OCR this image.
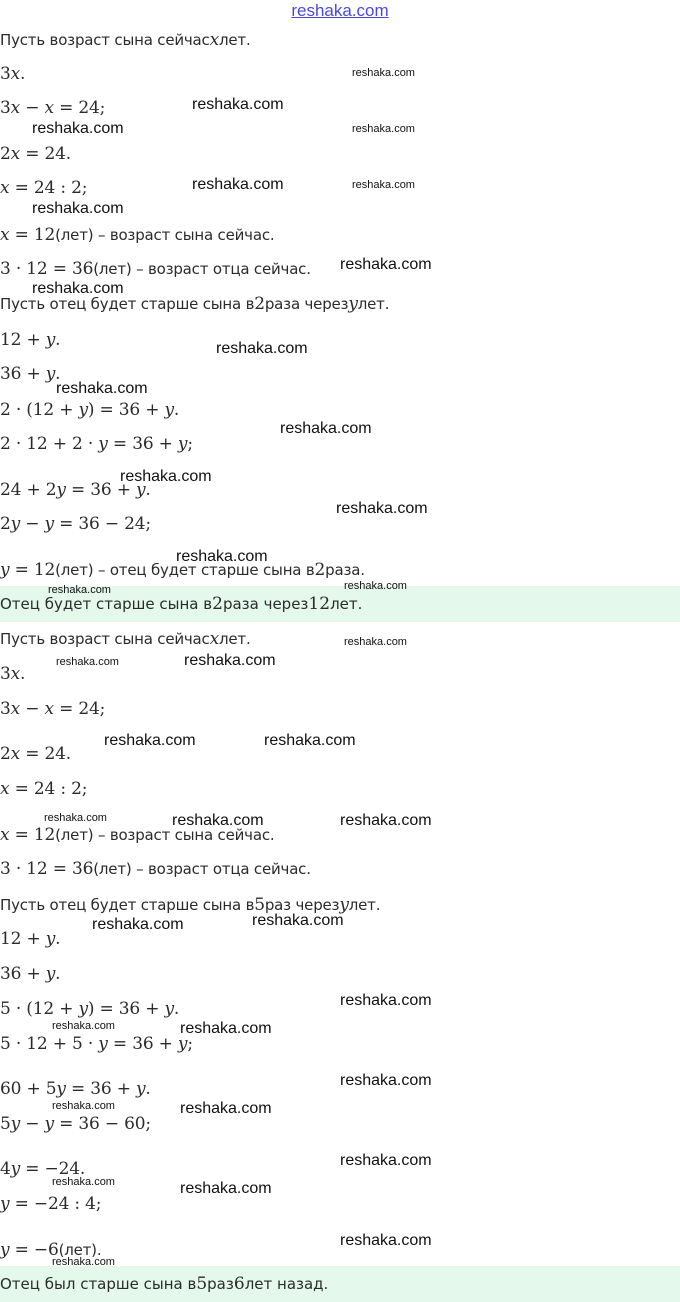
reshaka.com
Пусть возраст сына сейчас x лет.
3x.
3x − x = 24;
2x = 24.
x = 24 : 2;
x = 12 (лет) – возраст сына сейчас.
3 · 12 = 36 (лет) – возраст отца сейчас.
Пусть отец будет старше сына в 2 раза через y лет.
12 + y.
36 + y.
2 · (12 + y) = 36 + y.
2 · 12 + 2 · y = 36 + y;
24 + 2y = 36 + y.
2y − y = 36 − 24;
y = 12 (лет) – отец будет старше сына в 2 раза.
Отец будет старше сына в 2 раза через 12 лет.
Пусть возраст сына сейчас x лет.
3x.
3x − x = 24;
2x = 24.
x = 24 : 2;
x = 12 (лет) – возраст сына сейчас.
3 · 12 = 36 (лет) – возраст отца сейчас.
Пусть отец будет старше сына в 5 раз через y лет.
12 + y.
36 + y.
5 · (12 + y) = 36 + y.
5 · 12 + 5 · y = 36 + y;
60 + 5y = 36 + y.
5y − y = 36 − 60;
4y = −24.
y = −24 : 4;
y = −6 (лет).
Отец был старше сына в 5 раз 6 лет назад.
reshaka.com
reshaka.com
reshaka.com	reshaka.com
reshaka.com	reshaka.com
reshaka.com
reshaka.com
reshaka.com
reshaka.com
reshaka.com
reshaka.com
reshaka.com
reshaka.com
reshaka.com
reshaka.com
reshaka.com
reshaka.com
reshaka.com	reshaka.com
reshaka.com	reshaka.com
reshaka.com	reshaka.com	reshaka.com
reshaka.com	reshaka.com
reshaka.com
reshaka.com	reshaka.com
reshaka.com
reshaka.com	reshaka.com
reshaka.com
reshaka.com	reshaka.com
reshaka.com
reshaka.com
